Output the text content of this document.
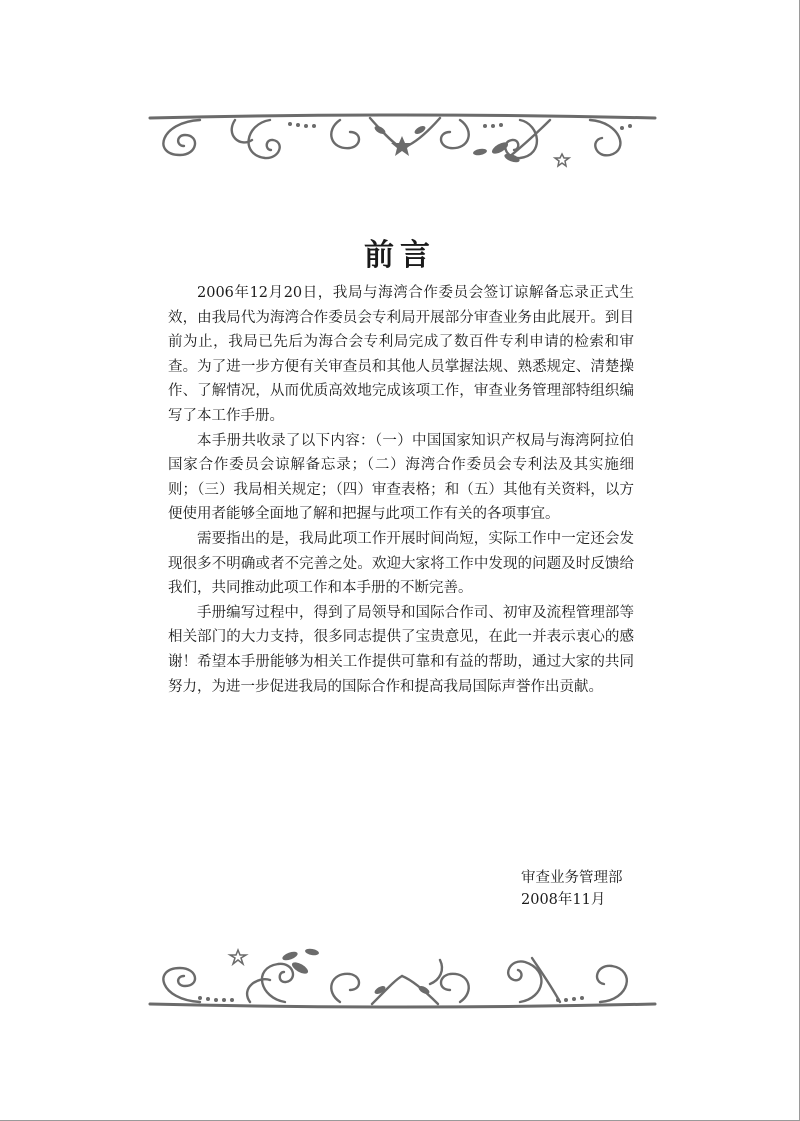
前言

2006年12月20日，我局与海湾合作委员会签订谅解备忘录正式生效，由我局代为海湾合作委员会专利局开展部分审查业务由此展开。到目前为止，我局已先后为海合会专利局完成了数百件专利申请的检索和审查。为了进一步方便有关审查员和其他人员掌握法规、熟悉规定、清楚操作、了解情况，从而优质高效地完成该项工作，审查业务管理部特组织编写了本工作手册。

本手册共收录了以下内容：（一）中国国家知识产权局与海湾阿拉伯国家合作委员会谅解备忘录；（二）海湾合作委员会专利法及其实施细则；（三）我局相关规定；（四）审查表格；和（五）其他有关资料，以方便使用者能够全面地了解和把握与此项工作有关的各项事宜。

需要指出的是，我局此项工作开展时间尚短，实际工作中一定还会发现很多不明确或者不完善之处。欢迎大家将工作中发现的问题及时反馈给我们，共同推动此项工作和本手册的不断完善。

手册编写过程中，得到了局领导和国际合作司、初审及流程管理部等相关部门的大力支持，很多同志提供了宝贵意见，在此一并表示衷心的感谢！希望本手册能够为相关工作提供可靠和有益的帮助，通过大家的共同努力，为进一步促进我局的国际合作和提高我局国际声誉作出贡献。

审查业务管理部
2008年11月
